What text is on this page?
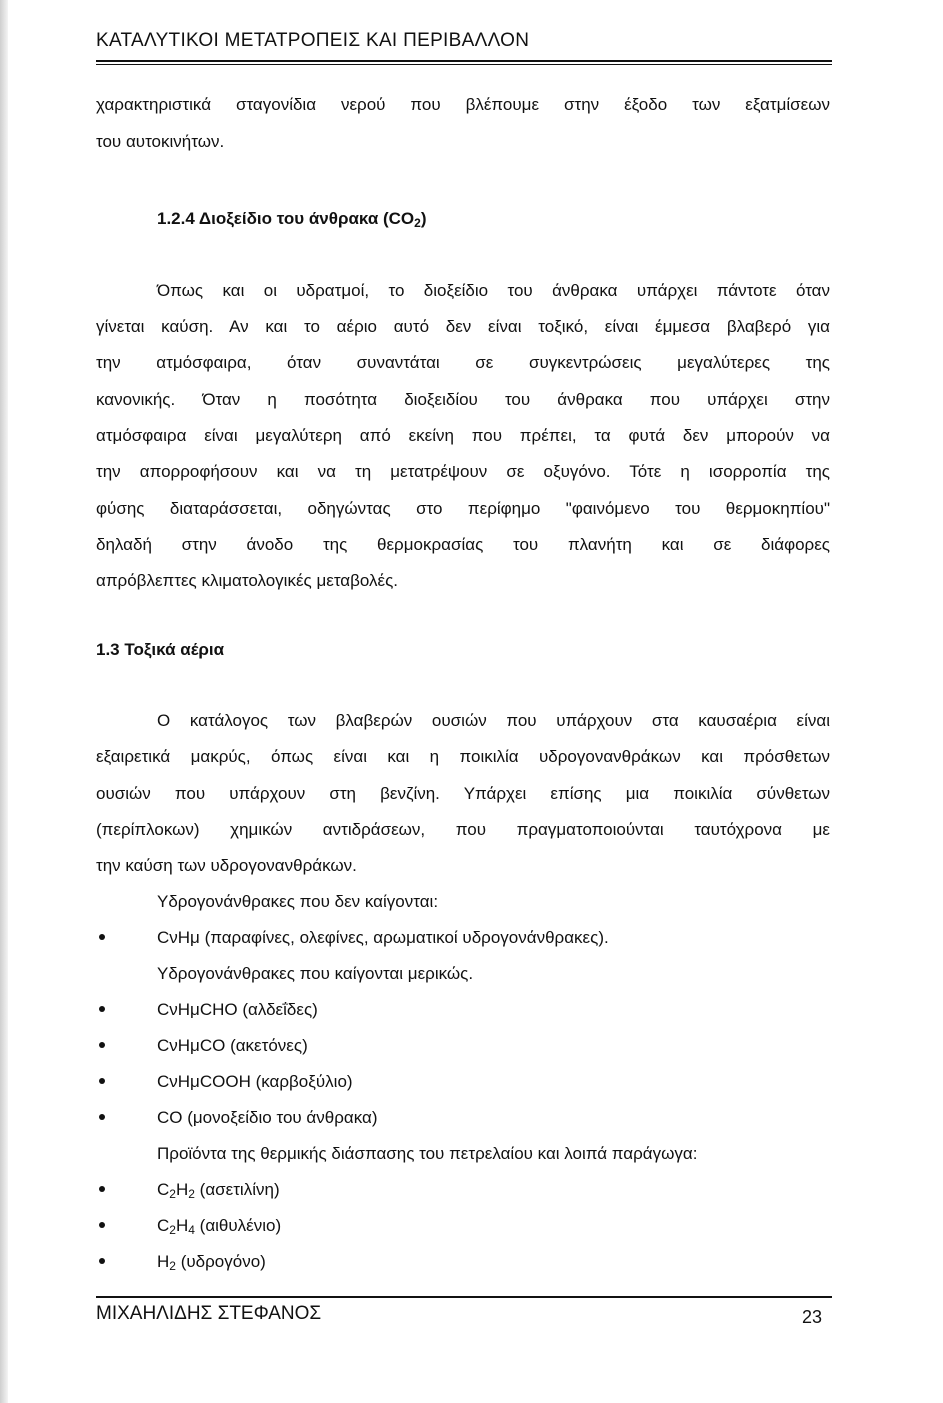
ΚΑΤΑΛΥΤΙΚΟΙ ΜΕΤΑΤΡΟΠΕΙΣ ΚΑΙ ΠΕΡΙΒΑΛΛΟΝ
χαρακτηριστικά σταγονίδια νερού που βλέπουμε στην έξοδο των εξατμίσεων
του αυτοκινήτων.
1.2.4 Διοξείδιο του άνθρακα $(CO_2)$
Όπως και οι υδρατμοί, το διοξείδιο του άνθρακα υπάρχει πάντοτε όταν
γίνεται καύση. Αν και το αέριο αυτό δεν είναι τοξικό, είναι έμμεσα βλαβερό για
την ατμόσφαιρα, όταν συναντάται σε συγκεντρώσεις μεγαλύτερες της
κανονικής. Όταν η ποσότητα διοξειδίου του άνθρακα που υπάρχει στην
ατμόσφαιρα είναι μεγαλύτερη από εκείνη που πρέπει, τα φυτά δεν μπορούν να
την απορροφήσουν και να τη μετατρέψουν σε οξυγόνο. Τότε η ισορροπία της
φύσης διαταράσσεται, οδηγώντας στο περίφημο "φαινόμενο του θερμοκηπίου"
δηλαδή στην άνοδο της θερμοκρασίας του πλανήτη και σε διάφορες
απρόβλεπτες κλιματολογικές μεταβολές.
1.3 Τοξικά αέρια
Ο κατάλογος των βλαβερών ουσιών που υπάρχουν στα καυσαέρια είναι
εξαιρετικά μακρύς, όπως είναι και η ποικιλία υδρογονανθράκων και πρόσθετων
ουσιών που υπάρχουν στη βενζίνη. Υπάρχει επίσης μια ποικιλία σύνθετων
(περίπλοκων) χημικών αντιδράσεων, που πραγματοποιούνται ταυτόχρονα με
την καύση των υδρογονανθράκων.
Υδρογονάνθρακες που δεν καίγονται:
CνHμ (παραφίνες, ολεφίνες, αρωματικοί υδρογονάνθρακες).
Υδρογονάνθρακες που καίγονται μερικώς.
CνHμCHO (αλδεΐδες)
CνHμCO (ακετόνες)
CνHμCOOH (καρβοξύλιο)
CO (μονοξείδιο του άνθρακα)
Προϊόντα της θερμικής διάσπασης του πετρελαίου και λοιπά παράγωγα:
$C_2H_2$ (ασετιλίνη)
$C_2H_4$ (αιθυλένιο)
$H_2$ (υδρογόνο)
ΜΙΧΑΗΛΙΔΗΣ ΣΤΕΦΑΝΟΣ	23
